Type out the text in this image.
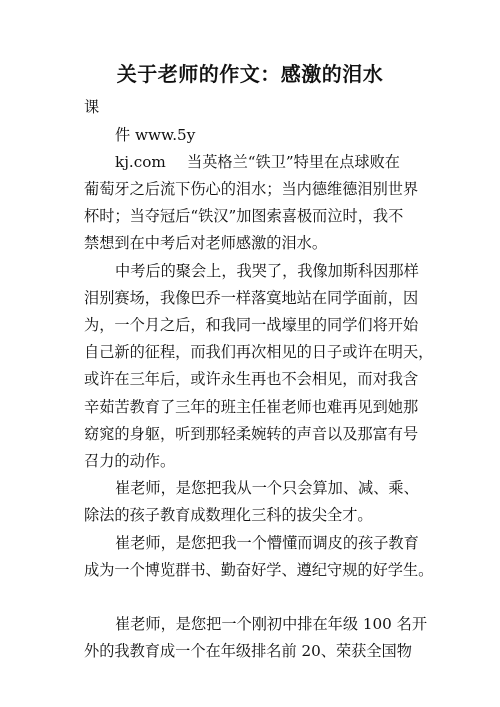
关于老师的作文：感激的泪水
课
件 www.5y
kj.com 当英格兰“铁卫”特里在点球败在
葡萄牙之后流下伤心的泪水；当内德维德泪别世界
杯时；当夺冠后“铁汉”加图索喜极而泣时，我不
禁想到在中考后对老师感激的泪水。
中考后的聚会上，我哭了，我像加斯科因那样
泪别赛场，我像巴乔一样落寞地站在同学面前，因
为，一个月之后，和我同一战壕里的同学们将开始
自己新的征程，而我们再次相见的日子或许在明天，
或许在三年后，或许永生再也不会相见，而对我含
辛茹苦教育了三年的班主任崔老师也难再见到她那
窈窕的身躯，听到那轻柔婉转的声音以及那富有号
召力的动作。
崔老师，是您把我从一个只会算加、减、乘、
除法的孩子教育成数理化三科的拔尖全才。
崔老师，是您把我一个懵懂而调皮的孩子教育
成为一个博览群书、勤奋好学、遵纪守规的好学生。
崔老师，是您把一个刚初中排在年级 100 名开
外的我教育成一个在年级排名前 20、荣获全国物
